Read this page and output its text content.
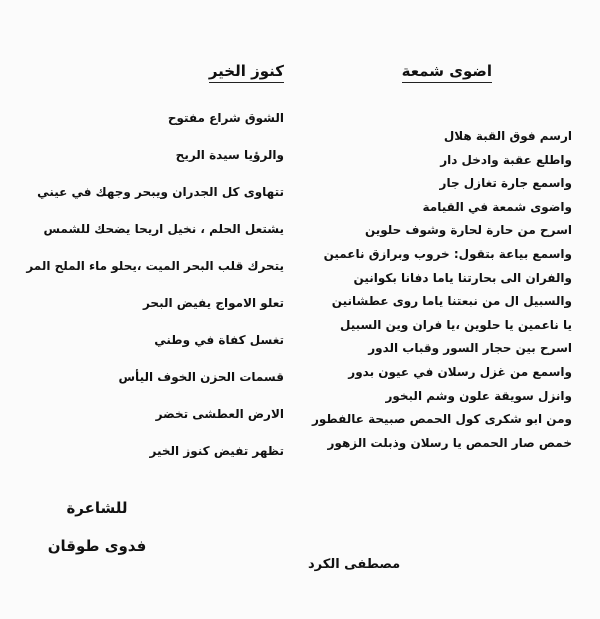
كنوز الخير
الشوق شراع مفتوح
والرؤيا سيدة الريح
تتهاوى كل الجدران ويبحر وجهك في عيني
يشتعل الحلم ، نخيل اريحا يضحك للشمس
يتحرك قلب البحر الميت ،يحلو ماء الملح المر
تعلو الامواج يفيض البحر
تغسل كفاة في وطني
قسمات الحزن الخوف اليأس
الارض العطشى تخضر
تظهر تفيض كنوز الخير
اضوى شمعة
ارسم فوق القبة هلال
واطلع عقبة وادخل دار
واسمع جارة تغازل جار
واضوى شمعة في القيامة
اسرح من حارة لحارة وشوف حلوين
واسمع بياعة بتقول: خروب وبرازق ناعمين
والفران الى بحارتنا ياما دفانا بكوانين
والسبيل ال من نبعتنا ياما روى عطشانين
يا ناعمين يا حلوين ،يا فران وين السبيل
اسرح بين حجار السور وقباب الدور
واسمع من غزل رسلان في عيون بدور
وانزل سويقة علون وشم البخور
ومن ابو شكرى كول الحمص صبيحة عالفطور
خمص صار الحمص يا رسلان وذبلت الزهور
للشاعرة
فدوى طوقان
مصطفى الكرد
